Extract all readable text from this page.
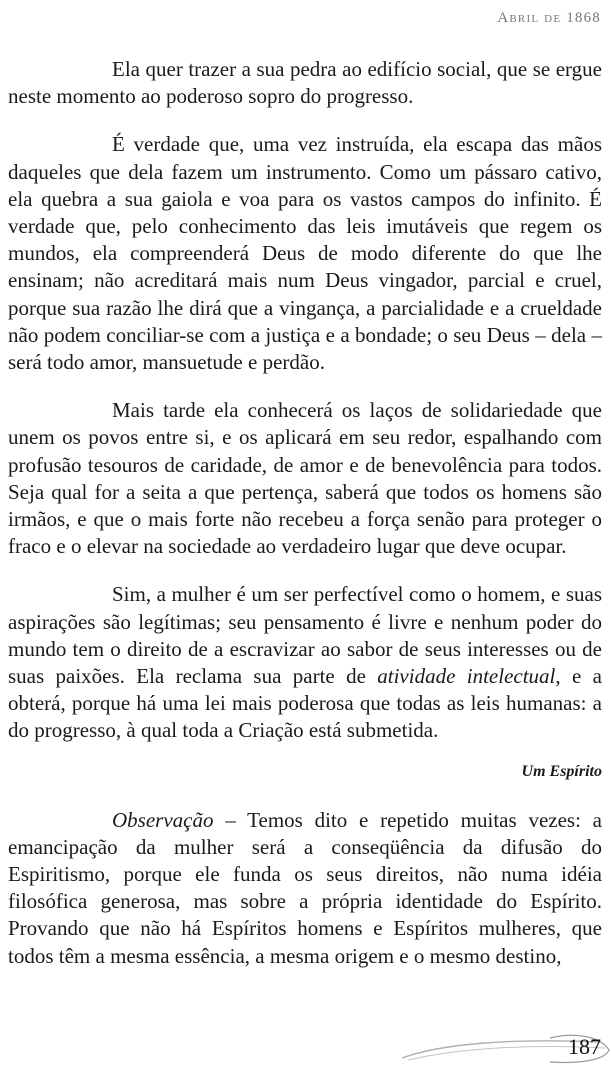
Abril de 1868

Ela quer trazer a sua pedra ao edifício social, que se ergue neste momento ao poderoso sopro do progresso.

É verdade que, uma vez instruída, ela escapa das mãos daqueles que dela fazem um instrumento. Como um pássaro cativo, ela quebra a sua gaiola e voa para os vastos campos do infinito. É verdade que, pelo conhecimento das leis imutáveis que regem os mundos, ela compreenderá Deus de modo diferente do que lhe ensinam; não acreditará mais num Deus vingador, parcial e cruel, porque sua razão lhe dirá que a vingança, a parcialidade e a crueldade não podem conciliar-se com a justiça e a bondade; o seu Deus – dela – será todo amor, mansuetude e perdão.

Mais tarde ela conhecerá os laços de solidariedade que unem os povos entre si, e os aplicará em seu redor, espalhando com profusão tesouros de caridade, de amor e de benevolência para todos. Seja qual for a seita a que pertença, saberá que todos os homens são irmãos, e que o mais forte não recebeu a força senão para proteger o fraco e o elevar na sociedade ao verdadeiro lugar que deve ocupar.

Sim, a mulher é um ser perfectível como o homem, e suas aspirações são legítimas; seu pensamento é livre e nenhum poder do mundo tem o direito de a escravizar ao sabor de seus interesses ou de suas paixões. Ela reclama sua parte de atividade intelectual, e a obterá, porque há uma lei mais poderosa que todas as leis humanas: a do progresso, à qual toda a Criação está submetida.

Um Espírito

Observação – Temos dito e repetido muitas vezes: a emancipação da mulher será a conseqüência da difusão do Espiritismo, porque ele funda os seus direitos, não numa idéia filosófica generosa, mas sobre a própria identidade do Espírito. Provando que não há Espíritos homens e Espíritos mulheres, que todos têm a mesma essência, a mesma origem e o mesmo destino,

187
